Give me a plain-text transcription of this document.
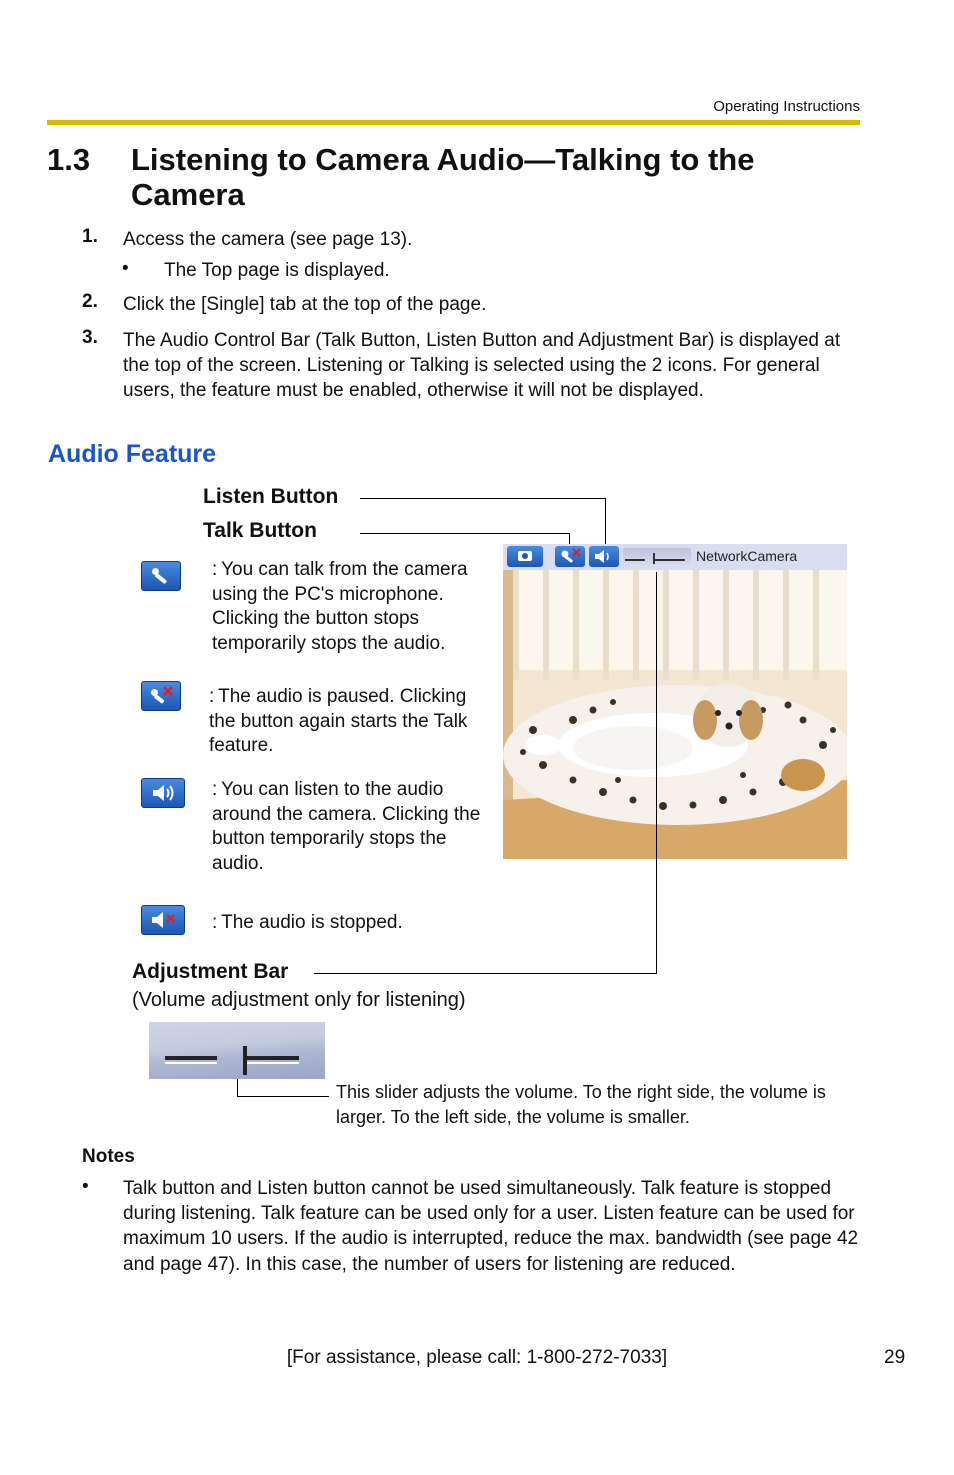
Operating Instructions
1.3 Listening to Camera Audio—Talking to the Camera
1. Access the camera (see page 13).
• The Top page is displayed.
2. Click the [Single] tab at the top of the page.
3. The Audio Control Bar (Talk Button, Listen Button and Adjustment Bar) is displayed at the top of the screen. Listening or Talking is selected using the 2 icons. For general users, the feature must be enabled, otherwise it will not be displayed.
Audio Feature
Listen Button
Talk Button
: You can talk from the camera using the PC's microphone. Clicking the button stops temporarily stops the audio.
: The audio is paused. Clicking the button again starts the Talk feature.
: You can listen to the audio around the camera. Clicking the button temporarily stops the audio.
: The audio is stopped.
NetworkCamera
Adjustment Bar
(Volume adjustment only for listening)
This slider adjusts the volume. To the right side, the volume is larger. To the left side, the volume is smaller.
Notes
• Talk button and Listen button cannot be used simultaneously. Talk feature is stopped during listening. Talk feature can be used only for a user. Listen feature can be used for maximum 10 users. If the audio is interrupted, reduce the max. bandwidth (see page 42 and page 47). In this case, the number of users for listening are reduced.
[For assistance, please call: 1-800-272-7033]	29
